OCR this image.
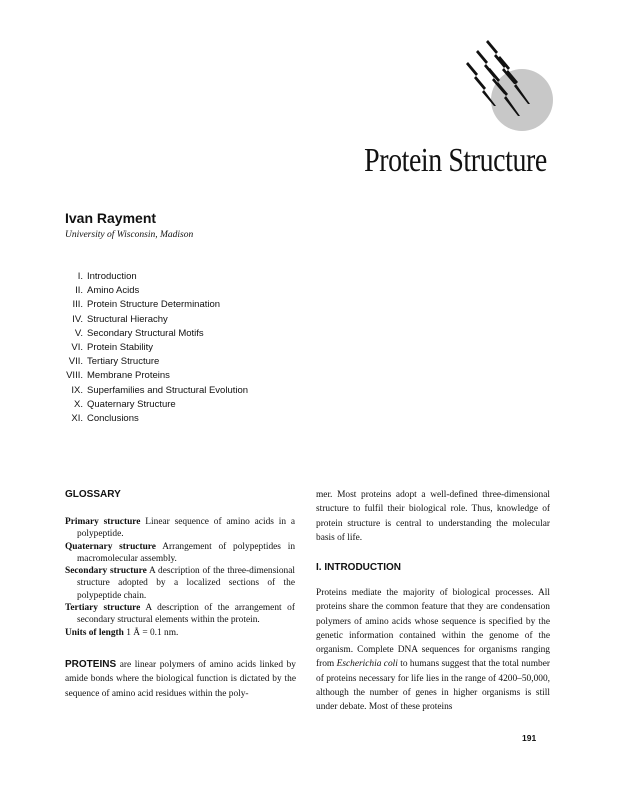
Protein Structure
Ivan Rayment
University of Wisconsin, Madison
I. Introduction
II. Amino Acids
III. Protein Structure Determination
IV. Structural Hierachy
V. Secondary Structural Motifs
VI. Protein Stability
VII. Tertiary Structure
VIII. Membrane Proteins
IX. Superfamilies and Structural Evolution
X. Quaternary Structure
XI. Conclusions
GLOSSARY
Primary structure Linear sequence of amino acids in a polypeptide.
Quaternary structure Arrangement of polypeptides in macromolecular assembly.
Secondary structure A description of the three-dimensional structure adopted by a localized sections of the polypeptide chain.
Tertiary structure A description of the arrangement of secondary structural elements within the protein.
Units of length 1 Å = 0.1 nm.
PROTEINS are linear polymers of amino acids linked by amide bonds where the biological function is dictated by the sequence of amino acid residues within the poly-
mer. Most proteins adopt a well-defined three-dimensional structure to fulfil their biological role. Thus, knowledge of protein structure is central to understanding the molecular basis of life.
I. INTRODUCTION
Proteins mediate the majority of biological processes. All proteins share the common feature that they are condensation polymers of amino acids whose sequence is specified by the genetic information contained within the genome of the organism. Complete DNA sequences for organisms ranging from Escherichia coli to humans suggest that the total number of proteins necessary for life lies in the range of 4200–50,000, although the number of genes in higher organisms is still under debate. Most of these proteins
191
